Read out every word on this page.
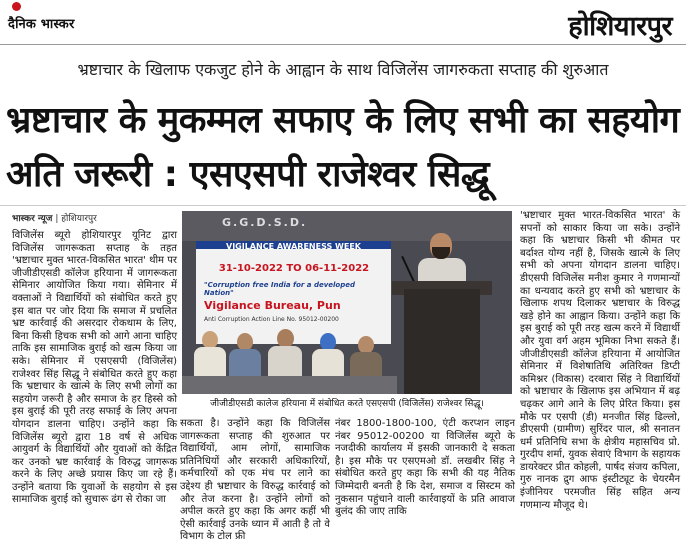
दैनिक भास्कर	होशियारपुर
भ्रष्टाचार के खिलाफ एकजुट होने के आह्वान के साथ विजिलेंस जागरुकता सप्ताह की शुरुआत
भ्रष्टाचार के मुकम्मल सफाए के लिए सभी का सहयोग अति जरूरी : एसएसपी राजेश्वर सिद्धू
भास्कर न्यूज | होशियारपुर
विजिलेंस ब्यूरो होशियारपुर यूनिट द्वारा विजिलेंस जागरूकता सप्ताह के तहत 'भ्रष्टाचार मुक्त भारत-विकसित भारत' थीम पर जीजीडीएसडी कॉलेज हरियाना में जागरूकता सेमिनार आयोजित किया गया। सेमिनार में वक्ताओं ने विद्यार्थियों को संबोधित करते हुए इस बात पर जोर दिया कि समाज में प्रचलित भ्रष्ट कार्रवाई की असरदार रोकथाम के लिए, बिना किसी हिचक सभी को आगे आना चाहिए ताकि इस सामाजिक बुराई को खत्म किया जा सके। सेमिनार में एसएसपी (विजिलेंस) राजेश्वर सिंह सिद्धू ने संबोधित करते हुए कहा कि भ्रष्टाचार के खात्मे के लिए सभी लोगों का सहयोग जरूरी है और समाज के हर हिस्से को इस बुराई की पूरी तरह सफाई के लिए अपना योगदान डालना चाहिए। उन्होंने कहा कि विजिलेंस ब्यूरो द्वारा 18 वर्ष से अधिक आयुवर्ग के विद्यार्थियों और युवाओं को केंद्रित कर उनको भ्रष्ट कार्रवाई के विरुद्ध जागरूक करने के लिए अच्छे प्रयास किए जा रहे हैं। उन्होंने बताया कि युवाओं के सहयोग से इस सामाजिक बुराई को सुचारू ढंग से रोका जा
G.G.D.S.D.
VIGILANCE AWARENESS WEEK
31-10-2022 TO 06-11-2022
"Corruption free India for a developed Nation"
Vigilance Bureau, Pun
Anti Corruption Action Line No. 95012-00200
जीजीडीएसडी कालेज हरियाना में संबोधित करते एसएसपी (विजिलेंस) राजेश्वर सिद्धू।
सकता है। उन्होंने कहा कि विजिलेंस जागरूकता सप्ताह की शुरुआत पर विद्यार्थियों, आम लोगों, सामाजिक प्रतिनिधियों और सरकारी अधिकारियों, कर्मचारियों को एक मंच पर लाने का उद्देश्य ही भ्रष्टाचार के विरुद्ध कार्रवाई को और तेज करना है। उन्होंने लोगों को अपील करते हुए कहा कि अगर कहीं भी ऐसी कार्रवाई उनके ध्यान में आती है तो वे विभाग के टोल फ्री
नंबर 1800-1800-100, एंटी करप्शन लाइन नंबर 95012-00200 या विजिलेंस ब्यूरो के नजदीकी कार्यालय में इसकी जानकारी दे सकता है। इस मौके पर एसएमओ डॉ. लखबीर सिंह ने संबोधित करते हुए कहा कि सभी की यह नैतिक जिम्मेदारी बनती है कि देश, समाज व सिस्टम को नुकसान पहुंचाने वाली कार्रवाइयों के प्रति आवाज बुलंद की जाए ताकि
'भ्रष्टाचार मुक्त भारत-विकसित भारत' के सपनों को साकार किया जा सके। उन्होंने कहा कि भ्रष्टाचार किसी भी कीमत पर बर्दाश्त योग्य नहीं है, जिसके खात्मे के लिए सभी को अपना योगदान डालना चाहिए। डीएसपी विजिलेंस मनीश कुमार ने गणमान्यों का धन्यवाद करते हुए सभी को भ्रष्टाचार के खिलाफ शपथ दिलाकर भ्रष्टाचार के विरुद्ध खड़े होने का आह्वान किया। उन्होंने कहा कि इस बुराई को पूरी तरह खत्म करने में विद्यार्थी और युवा वर्ग अहम भूमिका निभा सकते हैं। जीजीडीएसडी कॉलेज हरियाना में आयोजित सेमिनार में विशेषातिथि अतिरिक्त डिप्टी कमिश्नर (विकास) दरबारा सिंह ने विद्यार्थियों को भ्रष्टाचार के खिलाफ इस अभियान में बढ़ चढ़कर आगे आने के लिए प्रेरित किया। इस मौके पर एसपी (डी) मनजीत सिंह ढिल्लो, डीएसपी (ग्रामीण) सुरिंदर पाल, श्री सनातन धर्म प्रतिनिधि सभा के क्षेत्रीय महासचिव प्रो. गुरदीप शर्मा, युवक सेवाएं विभाग के सहायक डायरेक्टर प्रीत कोहली, पार्षद संजय कपिला, गुरु नानक द्रुग आफ इंस्टीट्यूट के चेयरमैन इंजीनियर परमजीत सिंह सहित अन्य गणमान्य मौजूद थे।
